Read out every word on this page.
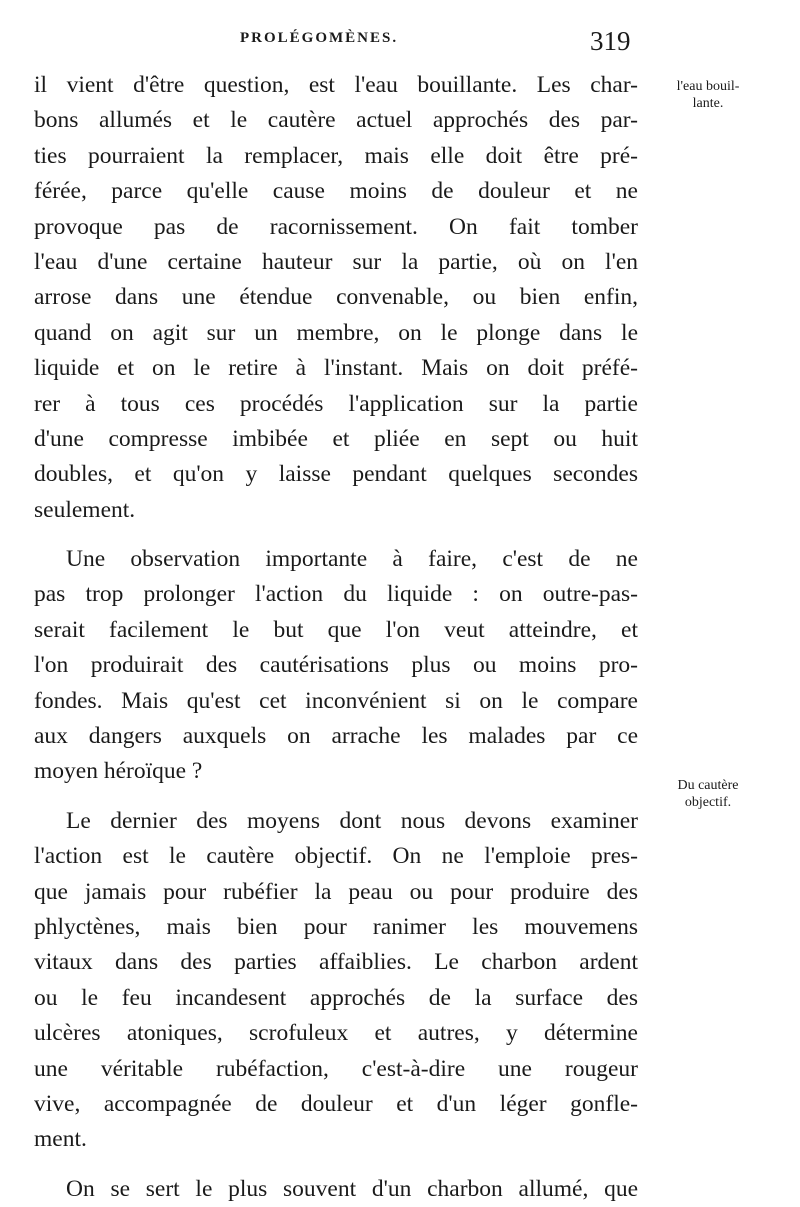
PROLÉGOMÈNES.	319
l'eau bouil-
lante.
Du cautère
objectif.
il vient d'être question, est l'eau bouillante. Les char-
bons allumés et le cautère actuel approchés des par-
ties pourraient la remplacer, mais elle doit être pré-
férée, parce qu'elle cause moins de douleur et ne
provoque pas de racornissement. On fait tomber
l'eau d'une certaine hauteur sur la partie, où on l'en
arrose dans une étendue convenable, ou bien enfin,
quand on agit sur un membre, on le plonge dans le
liquide et on le retire à l'instant. Mais on doit préfé-
rer à tous ces procédés l'application sur la partie
d'une compresse imbibée et pliée en sept ou huit
doubles, et qu'on y laisse pendant quelques secondes
seulement.
Une observation importante à faire, c'est de ne
pas trop prolonger l'action du liquide : on outre-pas-
serait facilement le but que l'on veut atteindre, et
l'on produirait des cautérisations plus ou moins pro-
fondes. Mais qu'est cet inconvénient si on le compare
aux dangers auxquels on arrache les malades par ce
moyen héroïque ?
Le dernier des moyens dont nous devons examiner
l'action est le cautère objectif. On ne l'emploie pres-
que jamais pour rubéfier la peau ou pour produire des
phlyctènes, mais bien pour ranimer les mouvemens
vitaux dans des parties affaiblies. Le charbon ardent
ou le feu incandesent approchés de la surface des
ulcères atoniques, scrofuleux et autres, y détermine
une véritable rubéfaction, c'est-à-dire une rougeur
vive, accompagnée de douleur et d'un léger gonfle-
ment.
On se sert le plus souvent d'un charbon allumé, que
